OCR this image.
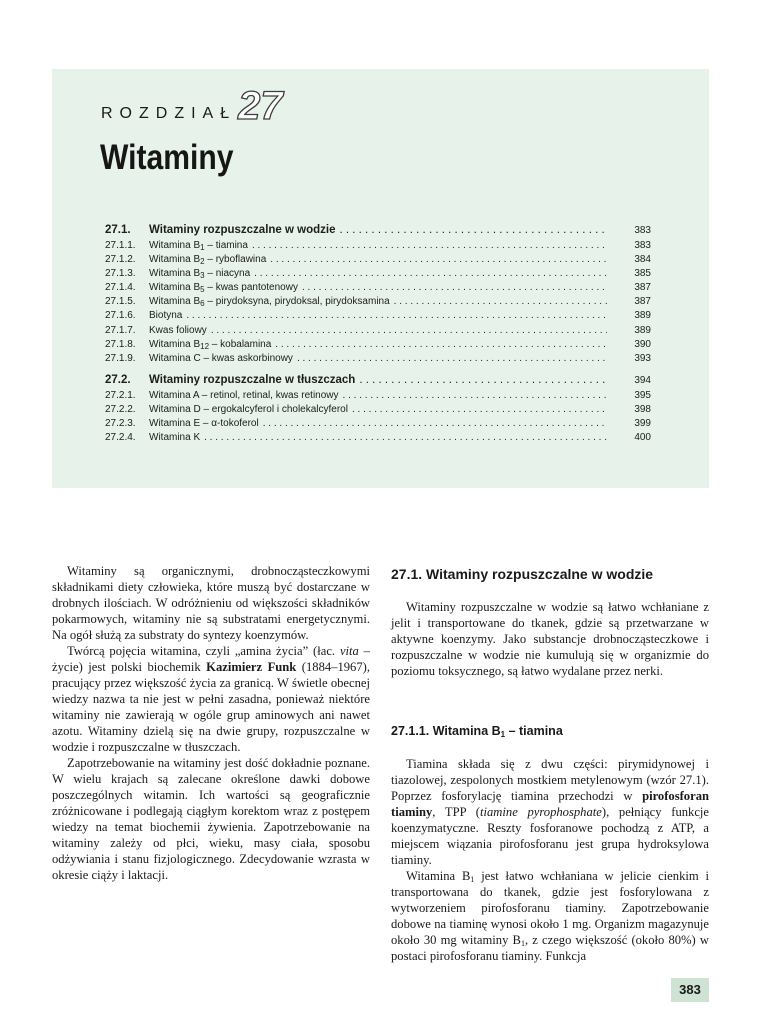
ROZDZIAŁ 27
Witaminy
27.1.	Witaminy rozpuszczalne w wodzie . . .	383
27.1.1.	Witamina $B_1$ – tiamina . . .	383
27.1.2.	Witamina $B_2$ – ryboflawina . . .	384
27.1.3.	Witamina $B_3$ – niacyna . . .	385
27.1.4.	Witamina $B_5$ – kwas pantotenowy . . .	387
27.1.5.	Witamina $B_6$ – pirydoksyna, pirydoksal, pirydoksamina . . .	387
27.1.6.	Biotyna . . .	389
27.1.7.	Kwas foliowy . . .	389
27.1.8.	Witamina $B_{12}$ – kobalamina . . .	390
27.1.9.	Witamina C – kwas askorbinowy . . .	393
27.2.	Witaminy rozpuszczalne w tłuszczach . . .	394
27.2.1.	Witamina A – retinol, retinal, kwas retinowy . . .	395
27.2.2.	Witamina D – ergokalcyferol i cholekalcyferol . . .	398
27.2.3.	Witamina E – α-tokoferol . . .	399
27.2.4.	Witamina K . . .	400

Witaminy są organicznymi, drobnocząsteczkowymi składnikami diety człowieka, które muszą być dostarczane w drobnych ilościach. W odróżnieniu od większości składników pokarmowych, witaminy nie są substratami energetycznymi. Na ogół służą za substraty do syntezy koenzymów.

Twórcą pojęcia witamina, czyli „amina życia” (łac. vita – życie) jest polski biochemik Kazimierz Funk (1884–1967), pracujący przez większość życia za granicą. W świetle obecnej wiedzy nazwa ta nie jest w pełni zasadna, ponieważ niektóre witaminy nie zawierają w ogóle grup aminowych ani nawet azotu. Witaminy dzielą się na dwie grupy, rozpuszczalne w wodzie i rozpuszczalne w tłuszczach.

Zapotrzebowanie na witaminy jest dość dokładnie poznane. W wielu krajach są zalecane określone dawki dobowe poszczególnych witamin. Ich wartości są geograficznie zróżnicowane i podlegają ciągłym korektom wraz z postępem wiedzy na temat biochemii żywienia. Zapotrzebowanie na witaminy zależy od płci, wieku, masy ciała, sposobu odżywiania i stanu fizjologicznego. Zdecydowanie wzrasta w okresie ciąży i laktacji.

27.1. Witaminy rozpuszczalne w wodzie

Witaminy rozpuszczalne w wodzie są łatwo wchłaniane z jelit i transportowane do tkanek, gdzie są przetwarzane w aktywne koenzymy. Jako substancje drobnocząsteczkowe i rozpuszczalne w wodzie nie kumulują się w organizmie do poziomu toksycznego, są łatwo wydalane przez nerki.

27.1.1. Witamina $B_1$ – tiamina

Tiamina składa się z dwu części: pirymidynowej i tiazolowej, zespolonych mostkiem metylenowym (wzór 27.1). Poprzez fosforylację tiamina przechodzi w pirofosforan tiaminy, TPP (tiamine pyrophosphate), pełniący funkcje koenzymatyczne. Reszty fosforanowe pochodzą z ATP, a miejscem wiązania pirofosforanu jest grupa hydroksylowa tiaminy.

Witamina $B_1$ jest łatwo wchłaniana w jelicie cienkim i transportowana do tkanek, gdzie jest fosforylowana z wytworzeniem pirofosforanu tiaminy. Zapotrzebowanie dobowe na tiaminę wynosi około 1 mg. Organizm magazynuje około 30 mg witaminy $B_1$, z czego większość (około 80%) w postaci pirofosforanu tiaminy. Funkcja

383
